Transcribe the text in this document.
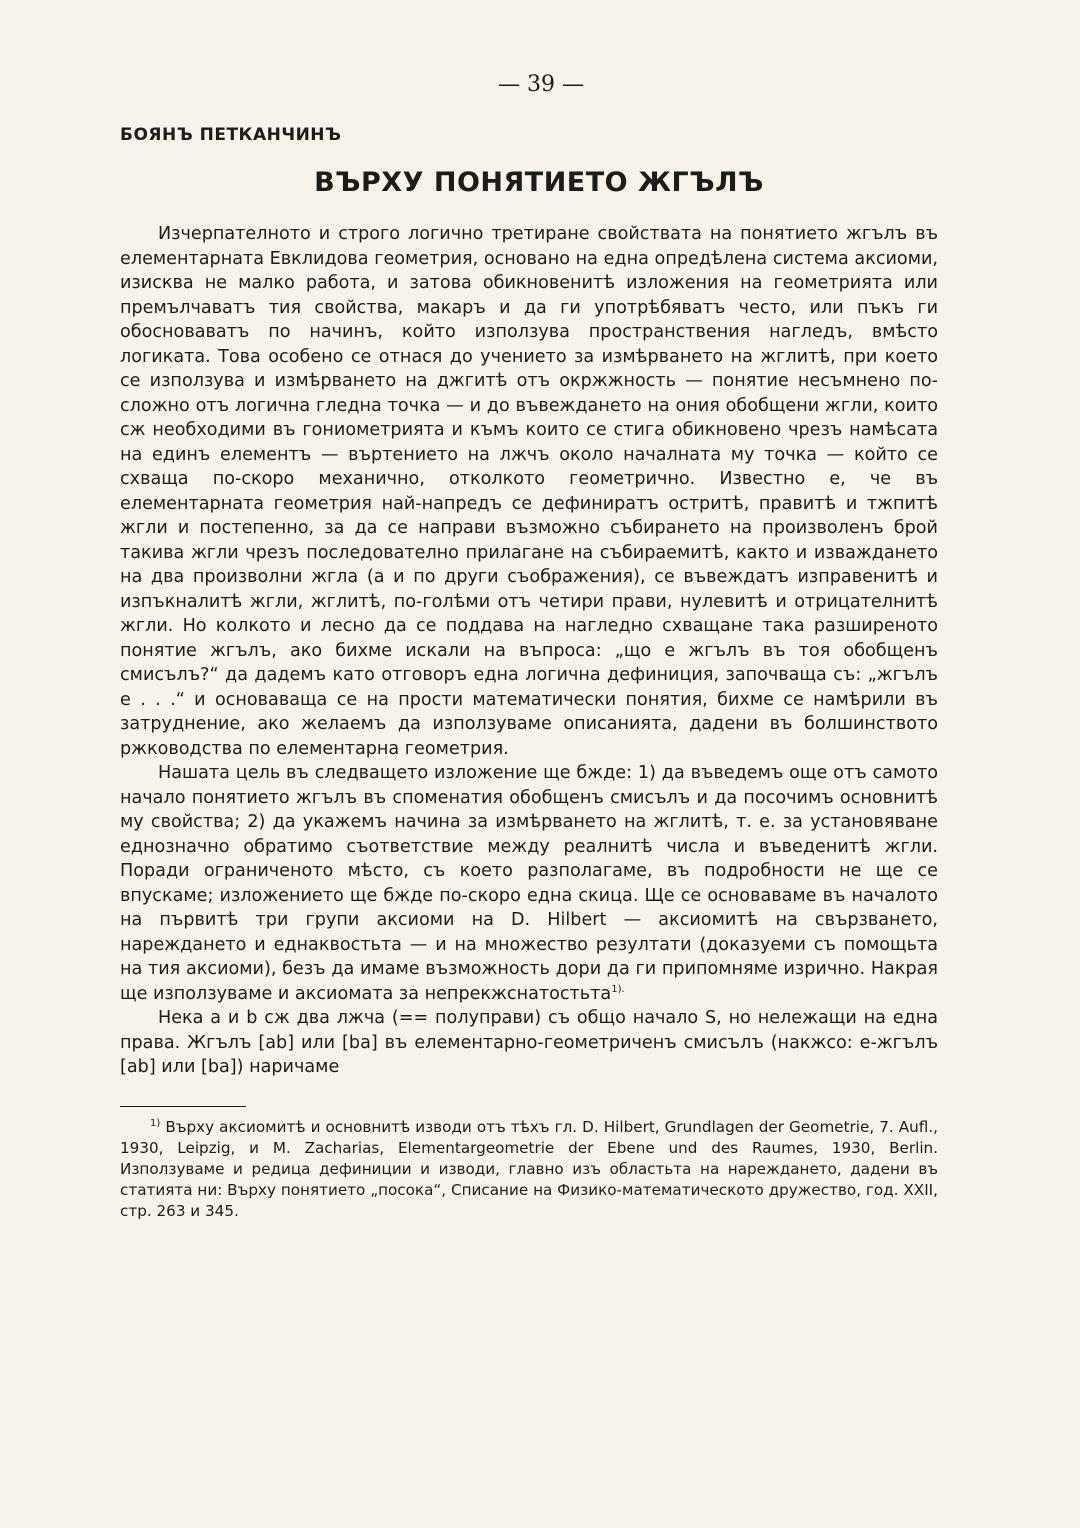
— 39 —
БОЯНЪ ПЕТКАНЧИНЪ
ВЪРХУ ПОНЯТИЕТО ЖГЪЛЪ

Изчерпателното и строго логично третиране свойствата на понятието жгълъ въ елементарната Евклидова геометрия, основано на една опредѣлена система аксиоми, изисква не малко работа, и затова обикновенитѣ изложения на геометрията или премълчаватъ тия свойства, макаръ и да ги употрѣбяватъ често, или пъкъ ги обосноваватъ по начинъ, който използува пространствения нагледъ, вмѣсто логиката. Това особено се отнася до учението за измѣрването на жглитѣ, при което се използува и измѣрването на джгитѣ отъ окржжность — понятие несъмнено по-сложно отъ логична гледна точка — и до въвеждането на ония обобщени жгли, които сж необходими въ гониометрията и къмъ които се стига обикновено чрезъ намѣсата на единъ елементъ — въртението на лжчъ около началната му точка — който се схваща по-скоро механично, отколкото геометрично. Известно е, че въ елементарната геометрия най-напредъ се дефиниратъ остритѣ, правитѣ и тжпитѣ жгли и постепенно, за да се направи възможно събирането на произволенъ брой такива жгли чрезъ последователно прилагане на събираемитѣ, както и изваждането на два произволни жгла (а и по други съображения), се въвеждатъ изправенитѣ и изпъкналитѣ жгли, жглитѣ, по-голѣми отъ четири прави, нулевитѣ и отрицателнитѣ жгли. Но колкото и лесно да се поддава на нагледно схващане така разширеното понятие жгълъ, ако бихме искали на въпроса: „що е жгълъ въ тоя обобщенъ смисълъ?“ да дадемъ като отговоръ една логична дефиниция, започваща съ: „жгълъ е . . .“ и основаваща се на прости математически понятия, бихме се намѣрили въ затруднение, ако желаемъ да използуваме описанията, дадени въ болшинството ржководства по елементарна геометрия.

Нашата цель въ следващето изложение ще бжде: 1) да въведемъ още отъ самото начало понятието жгълъ въ споменатия обобщенъ смисълъ и да посочимъ основнитѣ му свойства; 2) да укажемъ начина за измѣрването на жглитѣ, т. е. за установяване еднозначно обратимо съответствие между реалнитѣ числа и въведенитѣ жгли. Поради ограниченото мѣсто, съ което разполагаме, въ подробности не ще се впускаме; изложението ще бжде по-скоро една скица. Ще се основаваме въ началото на първитѣ три групи аксиоми на D. Hilbert — аксиомитѣ на свързването, нареждането и еднаквостьта — и на множество резултати (доказуеми съ помощьта на тия аксиоми), безъ да имаме възможность дори да ги припомняме изрично. Накрая ще използуваме и аксиомата за непрекжснатостьта$^{1).}$

Нека a и b сж два лжча (== полуправи) съ общо начало S, но нележащи на една права. Жгълъ [ab] или [ba] въ елементарно-геометриченъ смисълъ (накжсо: е-жгълъ [ab] или [ba]) наричаме

$^{1)}$ Върху аксиомитѣ и основнитѣ изводи отъ тѣхъ гл. D. Hilbert, Grundlagen der Geometrie, 7. Aufl., 1930, Leipzig, и M. Zacharias, Elementargeometrie der Ebene und des Raumes, 1930, Berlin. Използуваме и редица дефиниции и изводи, главно изъ областьта на нареждането, дадени въ статията ни: Върху понятието „посока“, Списание на Физико-математическото дружество, год. XXII, стр. 263 и 345.
